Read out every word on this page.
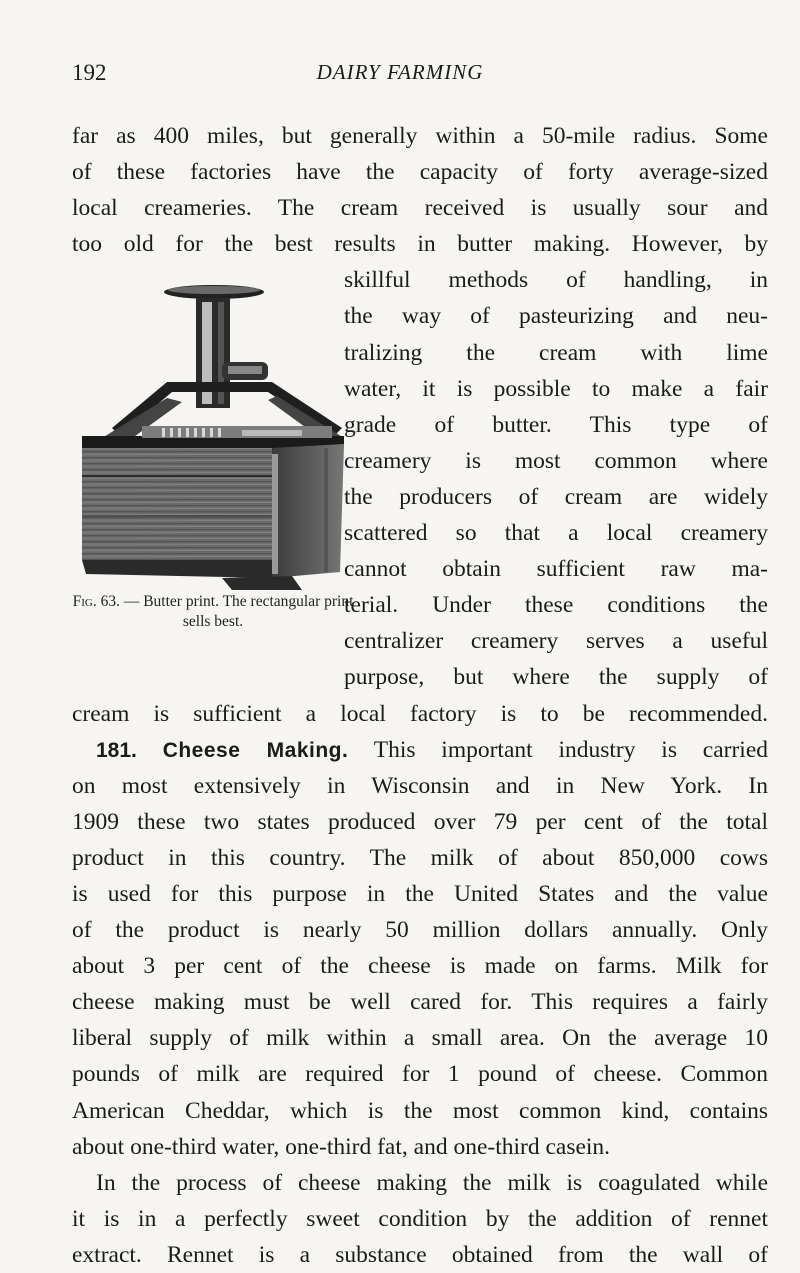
192	DAIRY FARMING
Fig. 63. — Butter print. The rectangular print sells best.
far as 400 miles, but generally within a 50-mile radius. Some
of these factories have the capacity of forty average-sized
local creameries. The cream received is usually sour and
too old for the best results in butter making. However, by
skillful methods of handling, in
the way of pasteurizing and neu-
tralizing the cream with lime
water, it is possible to make a fair
grade of butter. This type of
creamery is most common where
the producers of cream are widely
scattered so that a local creamery
cannot obtain sufficient raw ma-
terial. Under these conditions the
centralizer creamery serves a useful
purpose, but where the supply of
cream is sufficient a local factory is to be recommended.
181. Cheese Making. This important industry is carried
on most extensively in Wisconsin and in New York. In
1909 these two states produced over 79 per cent of the total
product in this country. The milk of about 850,000 cows
is used for this purpose in the United States and the value
of the product is nearly 50 million dollars annually. Only
about 3 per cent of the cheese is made on farms. Milk for
cheese making must be well cared for. This requires a fairly
liberal supply of milk within a small area. On the average 10
pounds of milk are required for 1 pound of cheese. Common
American Cheddar, which is the most common kind, contains
about one-third water, one-third fat, and one-third casein.
In the process of cheese making the milk is coagulated while
it is in a perfectly sweet condition by the addition of rennet
extract. Rennet is a substance obtained from the wall of
